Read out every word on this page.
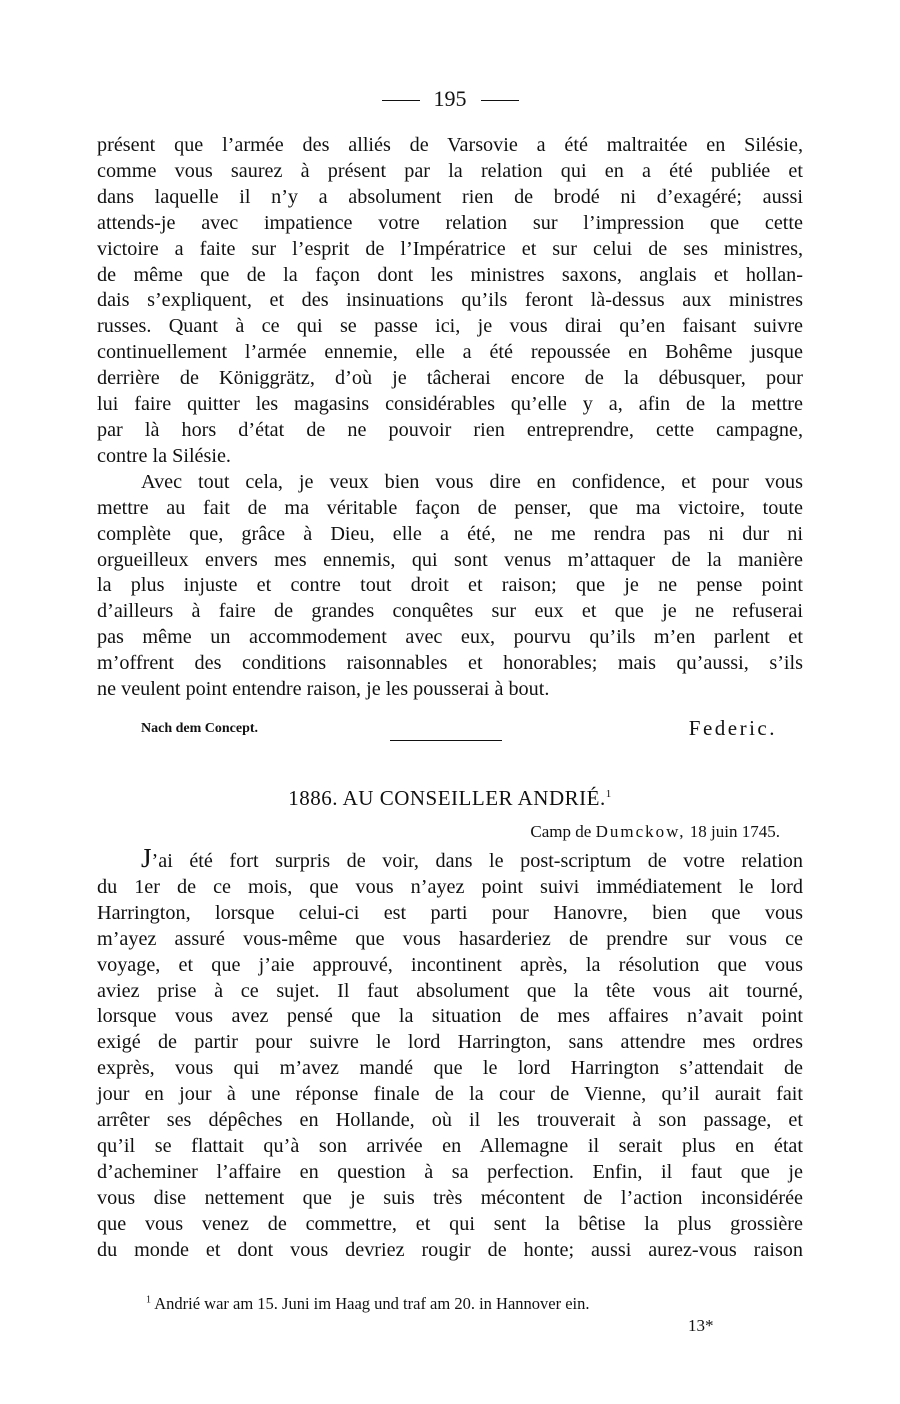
195

présent que l’armée des alliés de Varsovie a été maltraitée en Silésie,
comme vous saurez à présent par la relation qui en a été publiée et
dans laquelle il n’y a absolument rien de brodé ni d’exagéré; aussi
attends-je avec impatience votre relation sur l’impression que cette
victoire a faite sur l’esprit de l’Impératrice et sur celui de ses ministres,
de même que de la façon dont les ministres saxons, anglais et hollan-
dais s’expliquent, et des insinuations qu’ils feront là-dessus aux ministres
russes. Quant à ce qui se passe ici, je vous dirai qu’en faisant suivre
continuellement l’armée ennemie, elle a été repoussée en Bohême jusque
derrière de Königgrätz, d’où je tâcherai encore de la débusquer, pour
lui faire quitter les magasins considérables qu’elle y a, afin de la mettre
par là hors d’état de ne pouvoir rien entreprendre, cette campagne,
contre la Silésie.

Avec tout cela, je veux bien vous dire en confidence, et pour vous
mettre au fait de ma véritable façon de penser, que ma victoire, toute
complète que, grâce à Dieu, elle a été, ne me rendra pas ni dur ni
orgueilleux envers mes ennemis, qui sont venus m’attaquer de la manière
la plus injuste et contre tout droit et raison; que je ne pense point
d’ailleurs à faire de grandes conquêtes sur eux et que je ne refuserai
pas même un accommodement avec eux, pourvu qu’ils m’en parlent et
m’offrent des conditions raisonnables et honorables; mais qu’aussi, s’ils
ne veulent point entendre raison, je les pousserai à bout.

Nach dem Concept.	Federic.
1886. AU CONSEILLER ANDRIÉ.$^1$
Camp de Dumckow, 18 juin 1745.

J’ai été fort surpris de voir, dans le post-scriptum de votre relation
du 1er de ce mois, que vous n’ayez point suivi immédiatement le lord
Harrington, lorsque celui-ci est parti pour Hanovre, bien que vous
m’ayez assuré vous-même que vous hasarderiez de prendre sur vous ce
voyage, et que j’aie approuvé, incontinent après, la résolution que vous
aviez prise à ce sujet. Il faut absolument que la tête vous ait tourné,
lorsque vous avez pensé que la situation de mes affaires n’avait point
exigé de partir pour suivre le lord Harrington, sans attendre mes ordres
exprès, vous qui m’avez mandé que le lord Harrington s’attendait de
jour en jour à une réponse finale de la cour de Vienne, qu’il aurait fait
arrêter ses dépêches en Hollande, où il les trouverait à son passage, et
qu’il se flattait qu’à son arrivée en Allemagne il serait plus en état
d’acheminer l’affaire en question à sa perfection. Enfin, il faut que je
vous dise nettement que je suis très mécontent de l’action inconsidérée
que vous venez de commettre, et qui sent la bêtise la plus grossière
du monde et dont vous devriez rougir de honte; aussi aurez-vous raison

$^1$ Andrié war am 15. Juni im Haag und traf am 20. in Hannover ein.
13*
